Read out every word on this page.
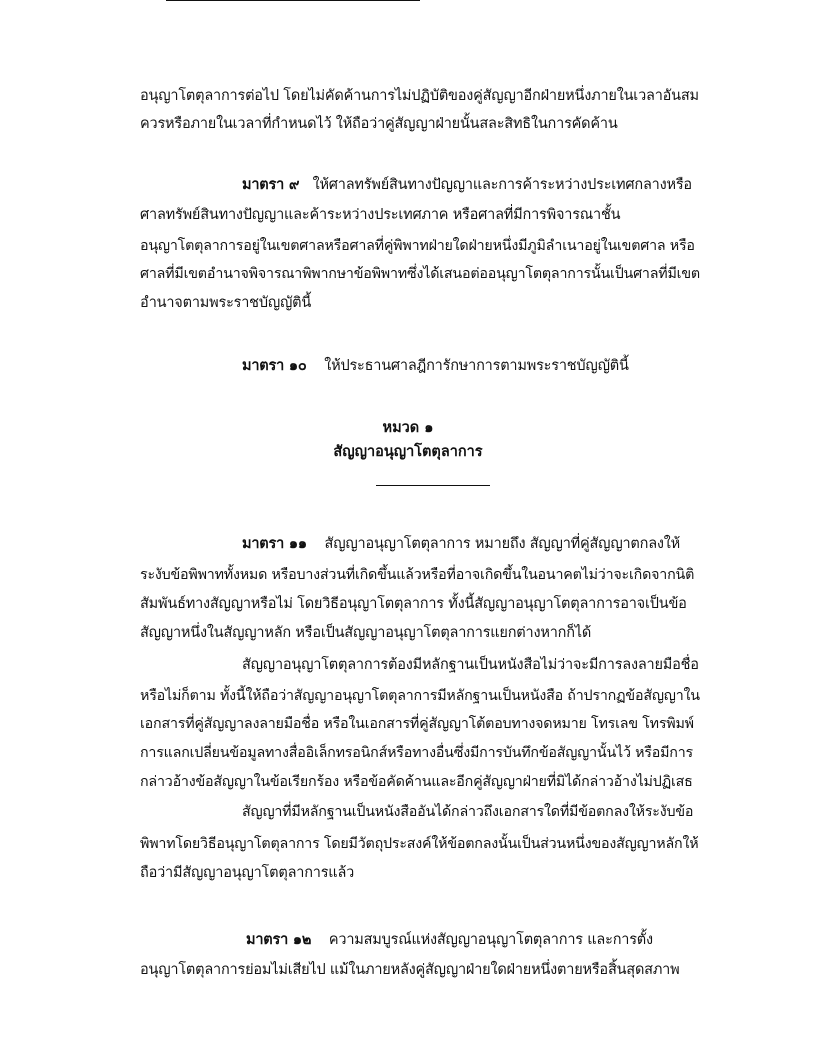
อนุญาโตตุลาการต่อไป โดยไม่คัดค้านการไม่ปฏิบัติของคู่สัญญาอีกฝ่ายหนึ่งภายในเวลาอันสม
ควรหรือภายในเวลาที่กำหนดไว้ ให้ถือว่าคู่สัญญาฝ่ายนั้นสละสิทธิในการคัดค้าน
มาตรา ๙ ให้ศาลทรัพย์สินทางปัญญาและการค้าระหว่างประเทศกลางหรือ
ศาลทรัพย์สินทางปัญญาและค้าระหว่างประเทศภาค หรือศาลที่มีการพิจารณาชั้น
อนุญาโตตุลาการอยู่ในเขตศาลหรือศาลที่คู่พิพาทฝ่ายใดฝ่ายหนึ่งมีภูมิลำเนาอยู่ในเขตศาล หรือ
ศาลที่มีเขตอำนาจพิจารณาพิพากษาข้อพิพาทซึ่งได้เสนอต่ออนุญาโตตุลาการนั้นเป็นศาลที่มีเขต
อำนาจตามพระราชบัญญัตินี้
มาตรา ๑๐ ให้ประธานศาลฎีการักษาการตามพระราชบัญญัตินี้
หมวด ๑
สัญญาอนุญาโตตุลาการ
มาตรา ๑๑ สัญญาอนุญาโตตุลาการ หมายถึง สัญญาที่คู่สัญญาตกลงให้
ระงับข้อพิพาททั้งหมด หรือบางส่วนที่เกิดขึ้นแล้วหรือที่อาจเกิดขึ้นในอนาคตไม่ว่าจะเกิดจากนิติ
สัมพันธ์ทางสัญญาหรือไม่ โดยวิธีอนุญาโตตุลาการ ทั้งนี้สัญญาอนุญาโตตุลาการอาจเป็นข้อ
สัญญาหนึ่งในสัญญาหลัก หรือเป็นสัญญาอนุญาโตตุลาการแยกต่างหากก็ได้
สัญญาอนุญาโตตุลาการต้องมีหลักฐานเป็นหนังสือไม่ว่าจะมีการลงลายมือชื่อ
หรือไม่ก็ตาม ทั้งนี้ให้ถือว่าสัญญาอนุญาโตตุลาการมีหลักฐานเป็นหนังสือ ถ้าปรากฏข้อสัญญาใน
เอกสารที่คู่สัญญาลงลายมือชื่อ หรือในเอกสารที่คู่สัญญาโต้ตอบทางจดหมาย โทรเลข โทรพิมพ์
การแลกเปลี่ยนข้อมูลทางสื่ออิเล็กทรอนิกส์หรือทางอื่นซึ่งมีการบันทึกข้อสัญญานั้นไว้ หรือมีการ
กล่าวอ้างข้อสัญญาในข้อเรียกร้อง หรือข้อคัดค้านและอีกคู่สัญญาฝ่ายที่มิได้กล่าวอ้างไม่ปฏิเสธ
สัญญาที่มีหลักฐานเป็นหนังสืออันได้กล่าวถึงเอกสารใดที่มีข้อตกลงให้ระงับข้อ
พิพาทโดยวิธีอนุญาโตตุลาการ โดยมีวัตถุประสงค์ให้ข้อตกลงนั้นเป็นส่วนหนึ่งของสัญญาหลักให้
ถือว่ามีสัญญาอนุญาโตตุลาการแล้ว
มาตรา ๑๒ ความสมบูรณ์แห่งสัญญาอนุญาโตตุลาการ และการตั้ง
อนุญาโตตุลาการย่อมไม่เสียไป แม้ในภายหลังคู่สัญญาฝ่ายใดฝ่ายหนึ่งตายหรือสิ้นสุดสภาพ
